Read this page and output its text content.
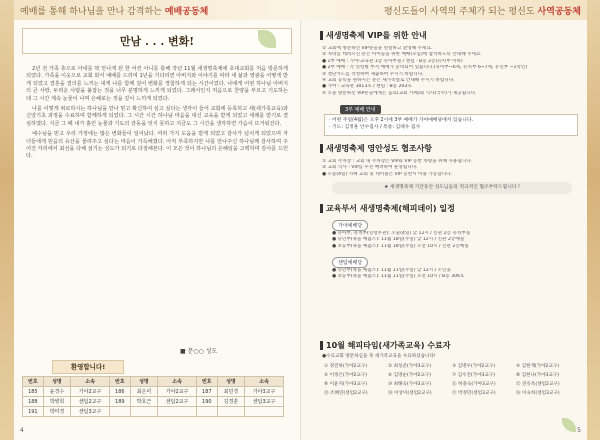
예배를 통해 하나님을 만나 감격하는 예배공동체
만남 . . . 변화!

2년 전 가족 휴으로 아내를 꽉 만나게 된 한 어린 아니를 통해 작년 11월 새생명축제에 초대교회를 처음 방문하게 되었다. 가족을 이웃으로 교회 와서 예배를 드리며 1년을 기다리면 아버지와 이야기를 따라 새 삶과 영광을 어떻게 받게 되었고 결혼을 결의를 느끼는 내게 나를 함께 걸어 변화를 경험하게 되는 시간이었다. 나에게 어떤 하나님 아버지의 큰 사랑, 두려운 사람을 붙잡는 것을 너무 분명하게 느끼게 되었다. 그래서인지 처음으로 찬양을 부르고 기도하는데 그 시간 계속 눈물이 나며 은혜로는 것을 깊이 느끼게 되었다.

나를 이렇게 위로하시는 하나님을 만나 믿고 확신하여 싶고 싶다는 생각이 들어 교회에 등록하고 새(새가족교육)과 신앙기초 과정을 수료하며 함께하게 되었다. 그 시간 시간 하나님 마음을 대신 교육을 받게 되었고 세례를 받기로 결심하였다. 지금 그 때 내가 흘린 눈물과 기도의 감동을 잊지 못하고 지금도 그 시간을 생각하면 가슴이 뜨거워진다.

예수님을 믿고 우리 가정에는 많은 변화들이 일어났다. 여러 가지 도움을 받게 되었고 감사가 넘치게 되었으며 자녀들에게 믿음의 유산을 물려주고 싶다는 마음이 가득해졌다. 아직 부족하지만 나를 만나주신 하나님께 감사하며 주어진 자리에서 최선을 다해 섬기는 성도가 되기로 다짐해본다. 이 모든 것이 하나님의 은혜임을 고백하며 감사를 드린다.

■ 문○○ 성도
환영합니다!
번호	성명	소속	번호	성명	소속	번호	성명	소속
185	윤경수	가야2교구	186	최은미	가야2교구	187	최민경	가야3교구
188	박병희	센텀2교구	189	박호근	센텀2교구	190	김경훈	센텀3교구
191	박미경	센텀3교구						
4
평신도들이 사역의 주체가 되는 평신도 사역공동체
5
새생명축제 VIP를 위한 안내
① 교회에 방문하신 VIP분들을 친절하고 환영해 주세요.
② 자녀를 데려오신 분은 아이들을 위한 예배(모임)에 참석하도록 안내해 주세요.
● 1부 예배 : 가야·교육관 1층 유아부실 / 센텀 · B동 2층(유치부 이하)
● 2부 예배 : 각 연령별 부서 예배가 준비되어 있습니다.(유아부~6세, 유치부 6~7세, 유년부 ~1학년)
③ 결단카드를 작성하여 제출하여 주시기 바랍니다.
④ 교회 등록을 원하시는 분은 새가족실로 안내해 주시기 바랍니다.
● 가야 : 교육관 3013호 / 센텀 : B동 203호
⑤ 오늘 방문하신 VIP분들에게는 음료(교회 카페)와 식사(국수)가 제공됩니다.
3부 예배 안내
· 어떤 주일(4월)은 오후 2시에 3부 예배가 가야예배당에서 있습니다.
· 기도: 김정훈 안수집사 / 특송: 김태우 집사
새생명축제 영안성도 협조사항
① 교회 주차장 : 교회 내 주차장은 VIP와 VIP 동반 차량을 위해 사용됩니다.
② 교회 식사 : VIP를 우선 배려하여 운영됩니다.
● 오늘(4일) 카페 교회 및 테이블은 VIP 동반시 이용 가능합니다.
★ 새생명축제 기간동안 성도님들의 적극적인 협조부탁드립니다 !
교육부서 새생명축제(해피데이) 일정
가야예배당
● 유아부, 유치부(연령무관): 오늘(4일) 낮 12시 / 신관 2층 유치부실
● 유년부(목을 예흡스): 11월 18일(주일) 낮 12시 / 신관 2층예실
● 초등부(목을 예흡스): 11월 18일(주일) 오전 10시 / 신관 2층예실
센텀예배당
● 유년부(목을 예흡스): 11월 11일(주일) 낮 12시 / 소인홀
● 초등부(목을 예흡스): 11월 11일(주일) 오전 10시 / B동 306호
10월 해피타임(새가족교육) 수료자
●수료교회 방문하심을 축 새가족교육을 수료하셨습니다!
① 정진하(가야2교구)	② 최성준(가야3교구)	③ 김병우(가야2교구)	④ 김현재(가야2교구)
⑤ 이정은(가야2교구)	⑥ 김영순(가야2교구)	⑦ 김수진(가야3교구)	⑧ 김현나(가야3교구)
⑨ 이윤지(가야3교구)	⑩ 최해숙(가야3교구)	⑪ 허종숙(가야3교구)	⑫ 전유옥(센텀2교구)
⑬ 조혜연(센텀2교구)	⑭ 이상미(센텀2교구)	⑮ 박경민(센텀3교구)	⑯ 이숙희(센텀3교구)
